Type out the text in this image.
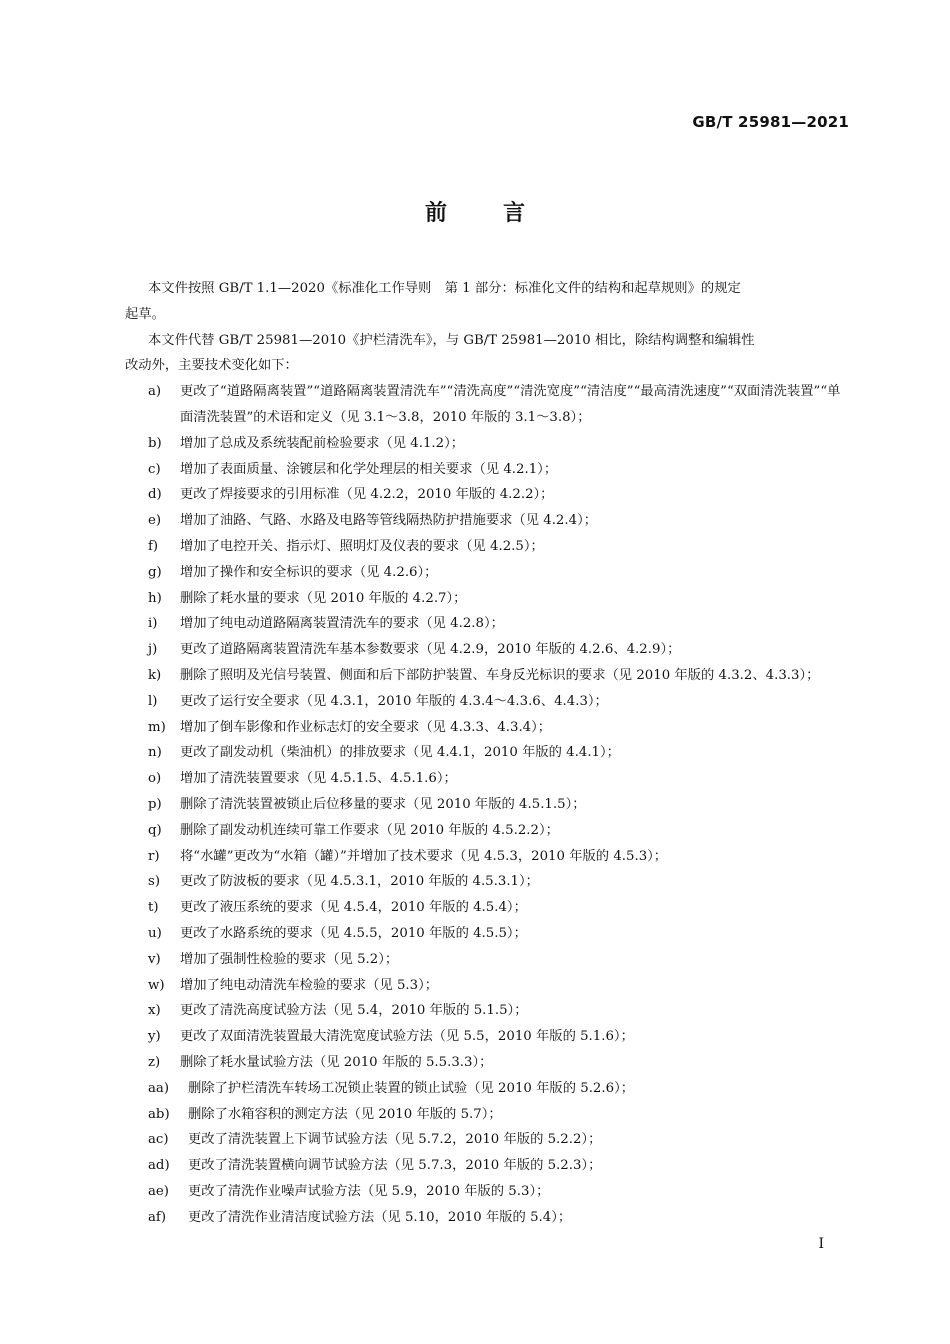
GB/T 25981—2021
前言

本文件按照 GB/T 1.1—2020《标准化工作导则　第 1 部分：标准化文件的结构和起草规则》的规定
起草。

本文件代替 GB/T 25981—2010《护栏清洗车》，与 GB/T 25981—2010 相比，除结构调整和编辑性
改动外，主要技术变化如下：

a) 更改了“道路隔离装置”“道路隔离装置清洗车”“清洗高度”“清洗宽度”“清洁度”“最高清洗速度”“双面清洗装置”“单面清洗装置”的术语和定义（见 3.1～3.8，2010 年版的 3.1～3.8）；
b) 增加了总成及系统装配前检验要求（见 4.1.2）；
c) 增加了表面质量、涂镀层和化学处理层的相关要求（见 4.2.1）；
d) 更改了焊接要求的引用标准（见 4.2.2，2010 年版的 4.2.2）；
e) 增加了油路、气路、水路及电路等管线隔热防护措施要求（见 4.2.4）；
f) 增加了电控开关、指示灯、照明灯及仪表的要求（见 4.2.5）；
g) 增加了操作和安全标识的要求（见 4.2.6）；
h) 删除了耗水量的要求（见 2010 年版的 4.2.7）；
i) 增加了纯电动道路隔离装置清洗车的要求（见 4.2.8）；
j) 更改了道路隔离装置清洗车基本参数要求（见 4.2.9，2010 年版的 4.2.6、4.2.9）；
k) 删除了照明及光信号装置、侧面和后下部防护装置、车身反光标识的要求（见 2010 年版的 4.3.2、4.3.3）；
l) 更改了运行安全要求（见 4.3.1，2010 年版的 4.3.4～4.3.6、4.4.3）；
m) 增加了倒车影像和作业标志灯的安全要求（见 4.3.3、4.3.4）；
n) 更改了副发动机（柴油机）的排放要求（见 4.4.1，2010 年版的 4.4.1）；
o) 增加了清洗装置要求（见 4.5.1.5、4.5.1.6）；
p) 删除了清洗装置被锁止后位移量的要求（见 2010 年版的 4.5.1.5）；
q) 删除了副发动机连续可靠工作要求（见 2010 年版的 4.5.2.2）；
r) 将“水罐”更改为“水箱（罐）”并增加了技术要求（见 4.5.3，2010 年版的 4.5.3）；
s) 更改了防波板的要求（见 4.5.3.1，2010 年版的 4.5.3.1）；
t) 更改了液压系统的要求（见 4.5.4，2010 年版的 4.5.4）；
u) 更改了水路系统的要求（见 4.5.5，2010 年版的 4.5.5）；
v) 增加了强制性检验的要求（见 5.2）；
w) 增加了纯电动清洗车检验的要求（见 5.3）；
x) 更改了清洗高度试验方法（见 5.4，2010 年版的 5.1.5）；
y) 更改了双面清洗装置最大清洗宽度试验方法（见 5.5，2010 年版的 5.1.6）；
z) 删除了耗水量试验方法（见 2010 年版的 5.5.3.3）；
aa) 删除了护栏清洗车转场工况锁止装置的锁止试验（见 2010 年版的 5.2.6）；
ab) 删除了水箱容积的测定方法（见 2010 年版的 5.7）；
ac) 更改了清洗装置上下调节试验方法（见 5.7.2，2010 年版的 5.2.2）；
ad) 更改了清洗装置横向调节试验方法（见 5.7.3，2010 年版的 5.2.3）；
ae) 更改了清洗作业噪声试验方法（见 5.9，2010 年版的 5.3）；
af) 更改了清洗作业清洁度试验方法（见 5.10，2010 年版的 5.4）；
I
